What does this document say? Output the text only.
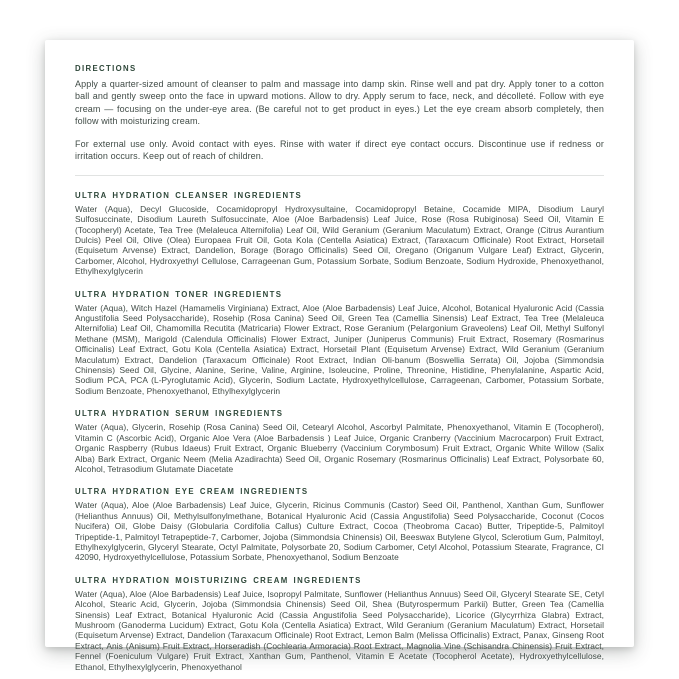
DIRECTIONS

Apply a quarter-sized amount of cleanser to palm and massage into damp skin. Rinse well and pat dry. Apply toner to a cotton ball and gently sweep onto the face in upward motions. Allow to dry. Apply serum to face, neck, and décolleté. Follow with eye cream — focusing on the under-eye area. (Be careful not to get product in eyes.) Let the eye cream absorb completely, then follow with moisturizing cream.

For external use only. Avoid contact with eyes. Rinse with water if direct eye contact occurs. Discontinue use if redness or irritation occurs. Keep out of reach of children.

ULTRA HYDRATION CLEANSER INGREDIENTS

Water (Aqua), Decyl Glucoside, Cocamidopropyl Hydroxysultaine, Cocamidopropyl Betaine, Cocamide MIPA, Disodium Lauryl Sulfosuccinate, Disodium Laureth Sulfosuccinate, Aloe (Aloe Barbadensis) Leaf Juice, Rose (Rosa Rubiginosa) Seed Oil, Vitamin E (Tocopheryl) Acetate, Tea Tree (Melaleuca Alternifolia) Leaf Oil, Wild Geranium (Geranium Maculatum) Extract, Orange (Citrus Aurantium Dulcis) Peel Oil, Olive (Olea) Europaea Fruit Oil, Gota Kola (Centella Asiatica) Extract, (Taraxacum Officinale) Root Extract, Horsetail (Equisetum Arvense) Extract, Dandelion, Borage (Borago Officinalis) Seed Oil, Oregano (Origanum Vulgare Leaf) Extract, Glycerin, Carbomer, Alcohol, Hydroxyethyl Cellulose, Carrageenan Gum, Potassium Sorbate, Sodium Benzoate, Sodium Hydroxide, Phenoxyethanol, Ethylhexylglycerin

ULTRA HYDRATION TONER INGREDIENTS

Water (Aqua), Witch Hazel (Hamamelis Virginiana) Extract, Aloe (Aloe Barbadensis) Leaf Juice, Alcohol, Botanical Hyaluronic Acid (Cassia Angustifolia Seed Polysaccharide), Rosehip (Rosa Canina) Seed Oil, Green Tea (Camellia Sinensis) Leaf Extract, Tea Tree (Melaleuca Alternifolia) Leaf Oil, Chamomilla Recutita (Matricaria) Flower Extract, Rose Geranium (Pelargonium Graveolens) Leaf Oil, Methyl Sulfonyl Methane (MSM), Marigold (Calendula Officinalis) Flower Extract, Juniper (Juniperus Communis) Fruit Extract, Rosemary (Rosmarinus Officinalis) Leaf Extract, Gotu Kola (Centella Asiatica) Extract, Horsetail Plant (Equisetum Arvense) Extract, Wild Geranium (Geranium Maculatum) Extract, Dandelion (Taraxacum Officinale) Root Extract, Indian Oli-banum (Boswellia Serrata) Oil, Jojoba (Simmondsia Chinensis) Seed Oil, Glycine, Alanine, Serine, Valine, Arginine, Isoleucine, Proline, Threonine, Histidine, Phenylalanine, Aspartic Acid, Sodium PCA, PCA (L-Pyroglutamic Acid), Glycerin, Sodium Lactate, Hydroxyethylcellulose, Carrageenan, Carbomer, Potassium Sorbate, Sodium Benzoate, Phenoxyethanol, Ethylhexylglycerin

ULTRA HYDRATION SERUM INGREDIENTS

Water (Aqua), Glycerin, Rosehip (Rosa Canina) Seed Oil, Cetearyl Alcohol, Ascorbyl Palmitate, Phenoxyethanol, Vitamin E (Tocopherol), Vitamin C (Ascorbic Acid), Organic Aloe Vera (Aloe Barbadensis ) Leaf Juice, Organic Cranberry (Vaccinium Macrocarpon) Fruit Extract, Organic Raspberry (Rubus Idaeus) Fruit Extract, Organic Blueberry (Vaccinium Corymbosum) Fruit Extract, Organic White Willow (Salix Alba) Bark Extract, Organic Neem (Melia Azadirachta) Seed Oil, Organic Rosemary (Rosmarinus Officinalis) Leaf Extract, Polysorbate 60, Alcohol, Tetrasodium Glutamate Diacetate

ULTRA HYDRATION EYE CREAM INGREDIENTS

Water (Aqua), Aloe (Aloe Barbadensis) Leaf Juice, Glycerin, Ricinus Communis (Castor) Seed Oil, Panthenol, Xanthan Gum, Sunflower (Helianthus Annuus) Oil, Methylsulfonylmethane, Botanical Hyaluronic Acid (Cassia Angustifolia) Seed Polysaccharide, Coconut (Cocos Nucifera) Oil, Globe Daisy (Globularia Cordifolia Callus) Culture Extract, Cocoa (Theobroma Cacao) Butter, Tripeptide-5, Palmitoyl Tripeptide-1, Palmitoyl Tetrapeptide-7, Carbomer, Jojoba (Simmondsia Chinensis) Oil, Beeswax Butylene Glycol, Sclerotium Gum, Palmitoyl, Ethylhexylglycerin, Glyceryl Stearate, Octyl Palmitate, Polysorbate 20, Sodium Carbomer, Cetyl Alcohol, Potassium Stearate, Fragrance, CI 42090, Hydroxyethylcellulose, Potassium Sorbate, Phenoxyethanol, Sodium Benzoate

ULTRA HYDRATION MOISTURIZING CREAM INGREDIENTS

Water (Aqua), Aloe (Aloe Barbadensis) Leaf Juice, Isopropyl Palmitate, Sunflower (Helianthus Annuus) Seed Oil, Glyceryl Stearate SE, Cetyl Alcohol, Stearic Acid, Glycerin, Jojoba (Simmondsia Chinensis) Seed Oil, Shea (Butyrospermum Parkii) Butter, Green Tea (Camellia Sinensis) Leaf Extract, Botanical Hyaluronic Acid (Cassia Angustifolia Seed Polysaccharide), Licorice (Glycyrrhiza Glabra) Extract, Mushroom (Ganoderma Lucidum) Extract, Gotu Kola (Centella Asiatica) Extract, Wild Geranium (Geranium Maculatum) Extract, Horsetail (Equisetum Arvense) Extract, Dandelion (Taraxacum Officinale) Root Extract, Lemon Balm (Melissa Officinalis) Extract, Panax, Ginseng Root Extract, Anis (Anisum) Fruit Extract, Horseradish (Cochlearia Armoracia) Root Extract, Magnolia Vine (Schisandra Chinensis) Fruit Extract, Fennel (Foeniculum Vulgare) Fruit Extract, Xanthan Gum, Panthenol, Vitamin E Acetate (Tocopherol Acetate), Hydroxyethylcellulose, Ethanol, Ethylhexylglycerin, Phenoxyethanol
